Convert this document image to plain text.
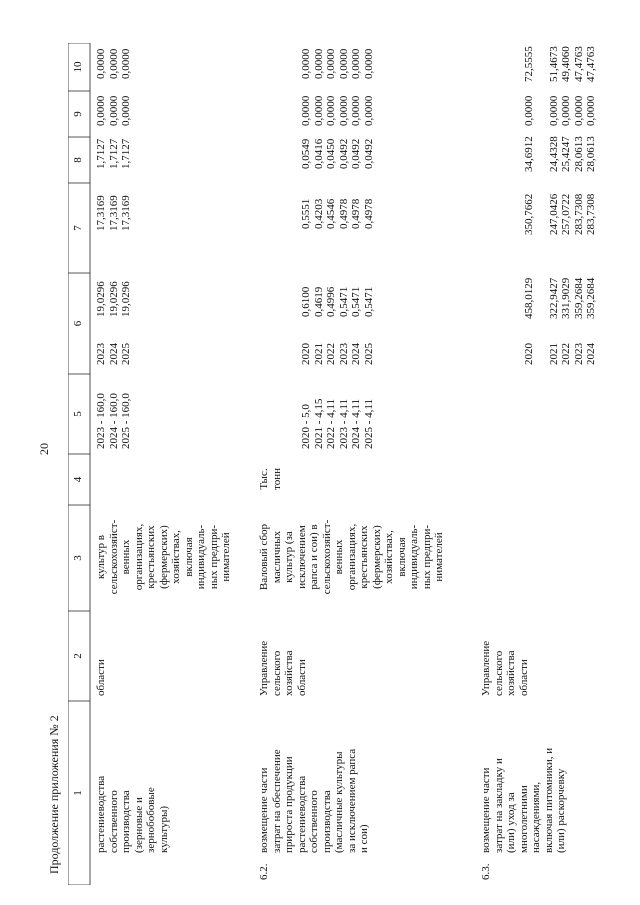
20
Продолжение приложения № 2 1
2
3
4
5
6
7
8
9
10
растениеводства собственного производства (зерновые и зернобобовые культуры)
области
культур в сельскохозяйст- венных организациях, крестьянских (фермерских) хозяйствах, включая индивидуаль- ных предпри- нимателей
2023 - 160,0 2024 - 160,0 2025 - 160,0
2023 2024 2025
19,0296 19,0296 19,0296
17,3169 17,3169 17,3169
1,7127 1,7127 1,7127
0,0000 0,0000 0,0000
0,0000 0,0000 0,0000
6.2.
возмещение части затрат на обеспечение прироста продукции растениеводства собственного производства (масличные культуры за исключением рапса и сои)
Управление сельского хозяйства области
Валовый сбор масличных культур (за исключением рапса и сои) в сельскохозяйст- венных организациях, крестьянских (фермерских) хозяйствах, включая индивидуаль- ных предпри- нимателей
Тыс. тонн
2020 - 5,0 2021 - 4,15 2022 - 4,11 2023 - 4,11 2024 - 4,11 2025 - 4,11
2020 2021 2022 2023 2024 2025
0,6100 0,4619 0,4996 0,5471 0,5471 0,5471
0,5551 0,4203 0,4546 0,4978 0,4978 0,4978
0,0549 0,0416 0,0450 0,0492 0,0492 0,0492
0,0000 0,0000 0,0000 0,0000 0,0000 0,0000
0,0000 0,0000 0,0000 0,0000 0,0000 0,0000
6.3.
возмещение части затрат на закладку и (или) уход за многолетними насаждениями, включая питомники, и (или) раскорчевку
Управление сельского хозяйства области
2020 2021 2022 2023 2024
458,0129 322,9427 331,9029 359,2684 359,2684
350,7662 247,0426 257,0722 283,7308 283,7308
34,6912 24,4328 25,4247 28,0613 28,0613
0,0000 0,0000 0,0000 0,0000 0,0000
72,5555 51,4673 49,4060 47,4763 47,4763
